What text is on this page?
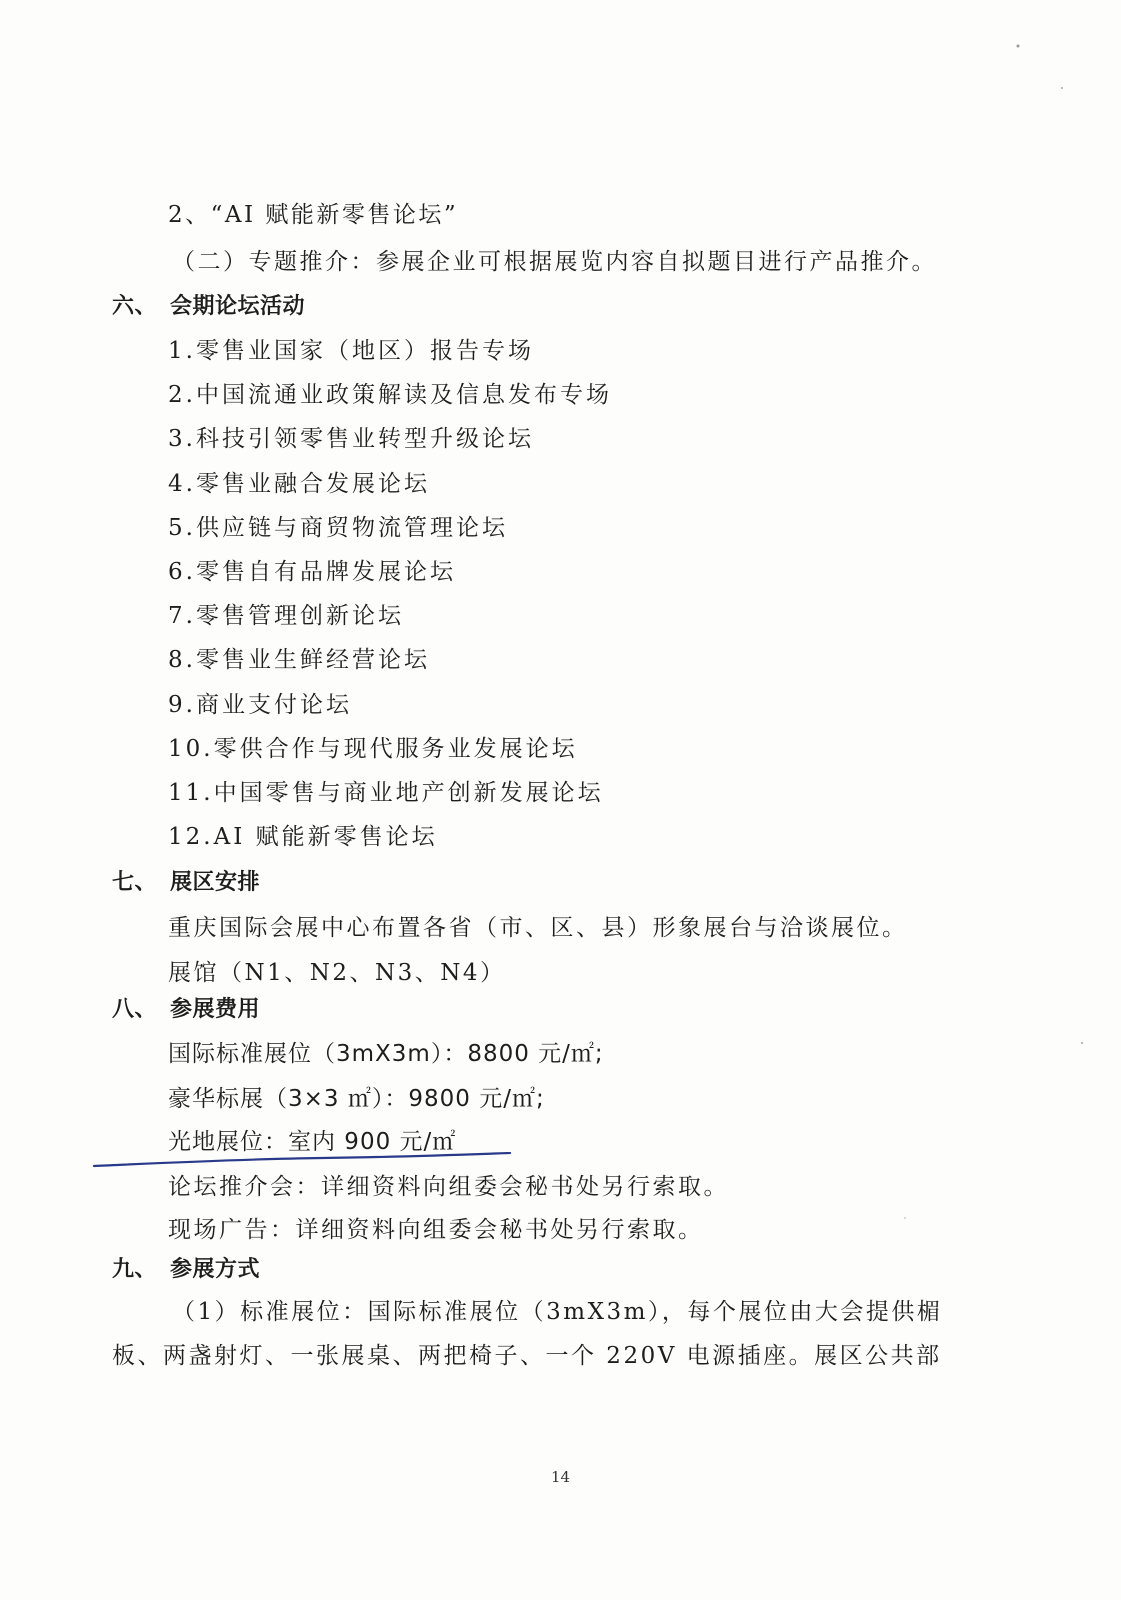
2、“AI 赋能新零售论坛”
（二）专题推介：参展企业可根据展览内容自拟题目进行产品推介。
六、 会期论坛活动
1.零售业国家（地区）报告专场
2.中国流通业政策解读及信息发布专场
3.科技引领零售业转型升级论坛
4.零售业融合发展论坛
5.供应链与商贸物流管理论坛
6.零售自有品牌发展论坛
7.零售管理创新论坛
8.零售业生鲜经营论坛
9.商业支付论坛
10.零供合作与现代服务业发展论坛
11.中国零售与商业地产创新发展论坛
12.AI 赋能新零售论坛
七、 展区安排
重庆国际会展中心布置各省（市、区、县）形象展台与洽谈展位。
展馆（N1、N2、N3、N4）
八、 参展费用
国际标准展位（3mX3m）：8800 元/㎡;
豪华标展（3×3 ㎡）：9800 元/㎡;
光地展位：室内 900 元/㎡
论坛推介会：详细资料向组委会秘书处另行索取。
现场广告：详细资料向组委会秘书处另行索取。
九、 参展方式
（1）标准展位：国际标准展位（3mX3m），每个展位由大会提供楣
板、两盏射灯、一张展桌、两把椅子、一个 220V 电源插座。展区公共部
14
